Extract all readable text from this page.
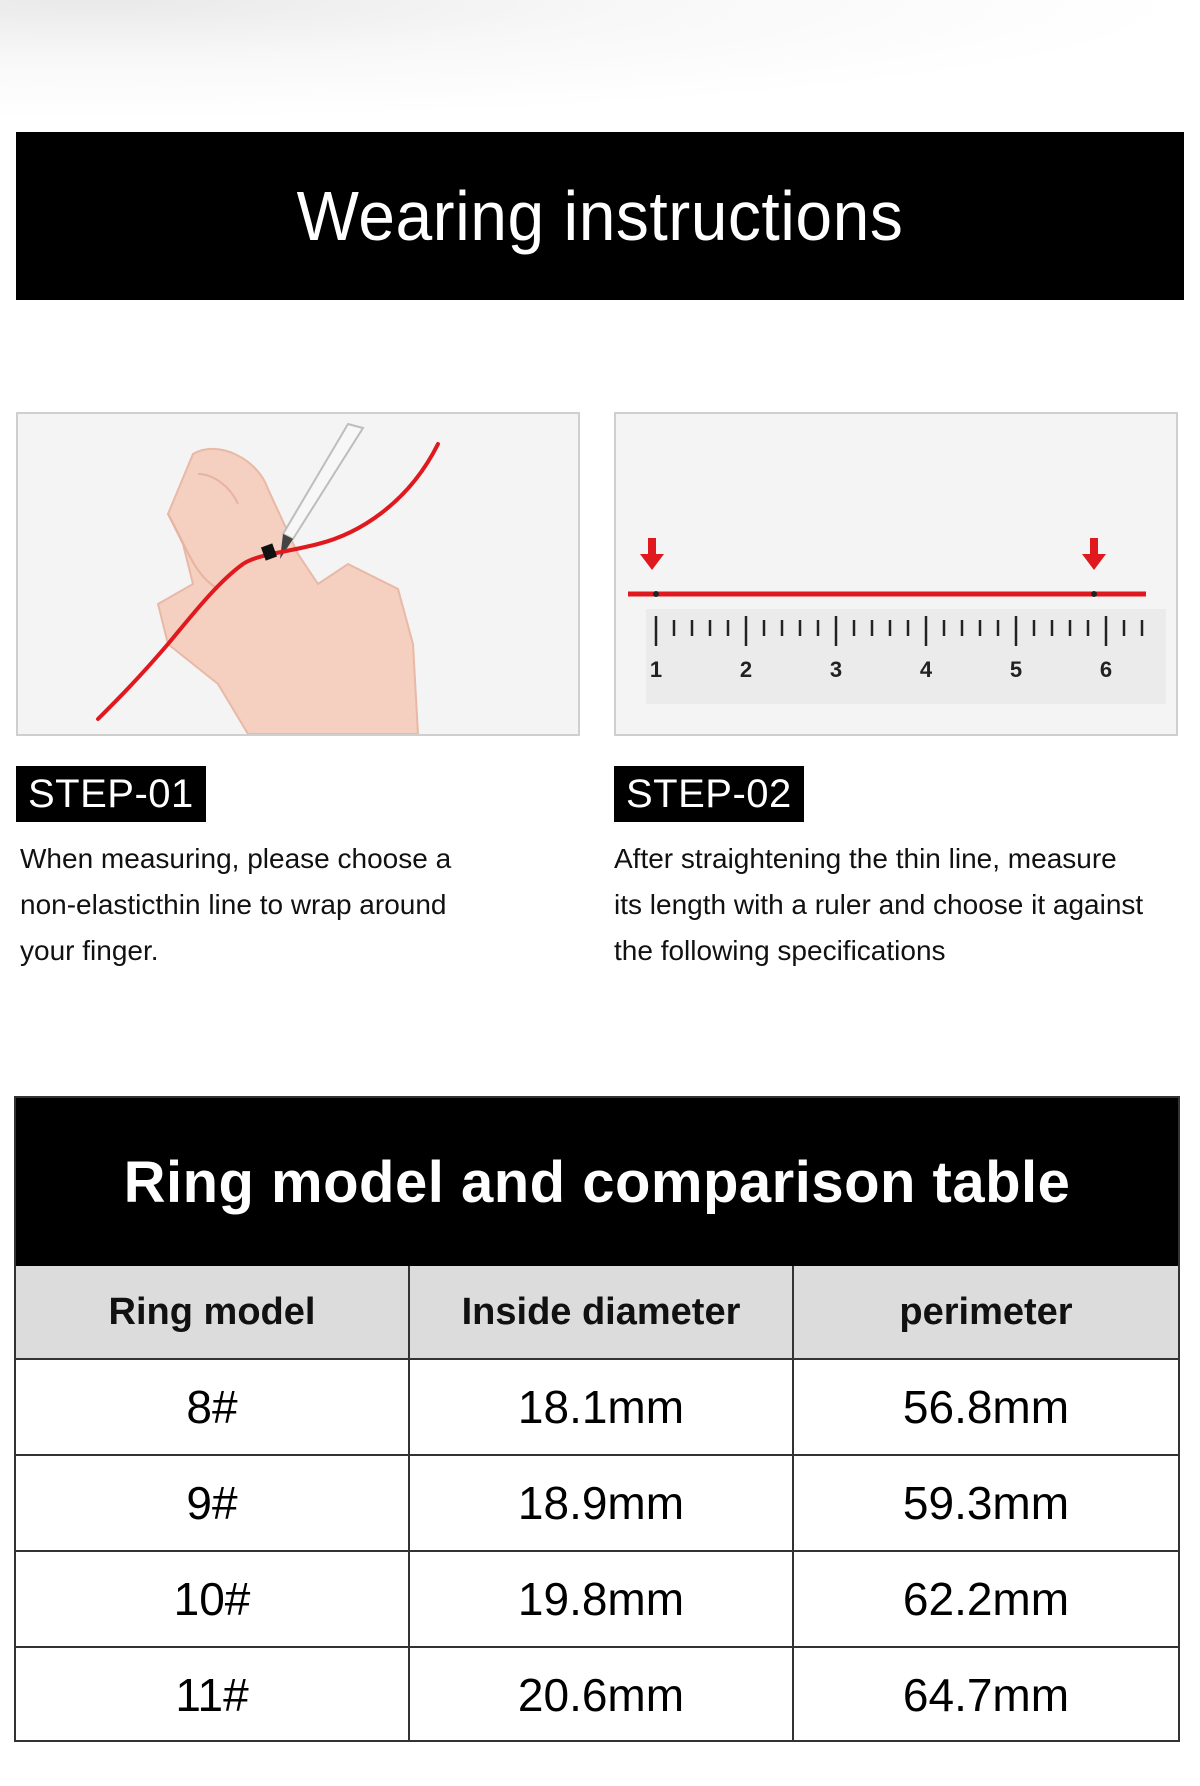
Wearing instructions
1	2	3	4	5	6
STEP-01	STEP-02

When measuring, please choose a

non-elasticthin line to wrap around

your finger.

After straightening the thin line, measure

its length with a ruler and choose it against

the following specifications

Ring model and comparison table
Ring model	Inside diameter	perimeter
8#	18.1mm	56.8mm
9#	18.9mm	59.3mm
10#	19.8mm	62.2mm
11#	20.6mm	64.7mm
